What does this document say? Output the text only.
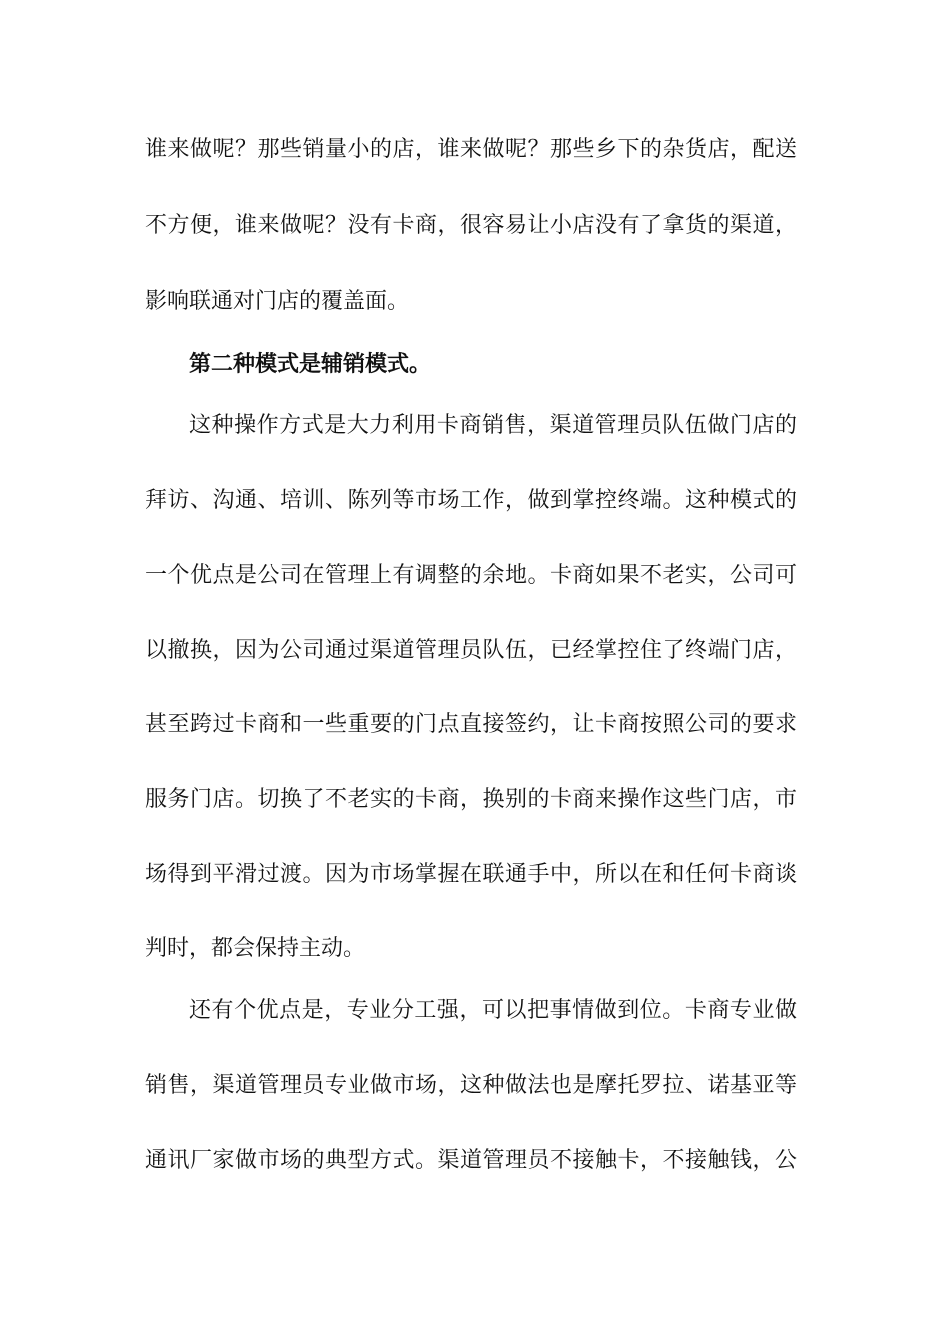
谁来做呢？那些销量小的店，谁来做呢？那些乡下的杂货店，配送
不方便，谁来做呢？没有卡商，很容易让小店没有了拿货的渠道，
影响联通对门店的覆盖面。
第二种模式是辅销模式。
这种操作方式是大力利用卡商销售，渠道管理员队伍做门店的
拜访、沟通、培训、陈列等市场工作，做到掌控终端。这种模式的
一个优点是公司在管理上有调整的余地。卡商如果不老实，公司可
以撤换，因为公司通过渠道管理员队伍，已经掌控住了终端门店，
甚至跨过卡商和一些重要的门点直接签约，让卡商按照公司的要求
服务门店。切换了不老实的卡商，换别的卡商来操作这些门店，市
场得到平滑过渡。因为市场掌握在联通手中，所以在和任何卡商谈
判时，都会保持主动。
还有个优点是，专业分工强，可以把事情做到位。卡商专业做
销售，渠道管理员专业做市场，这种做法也是摩托罗拉、诺基亚等
通讯厂家做市场的典型方式。渠道管理员不接触卡，不接触钱，公
